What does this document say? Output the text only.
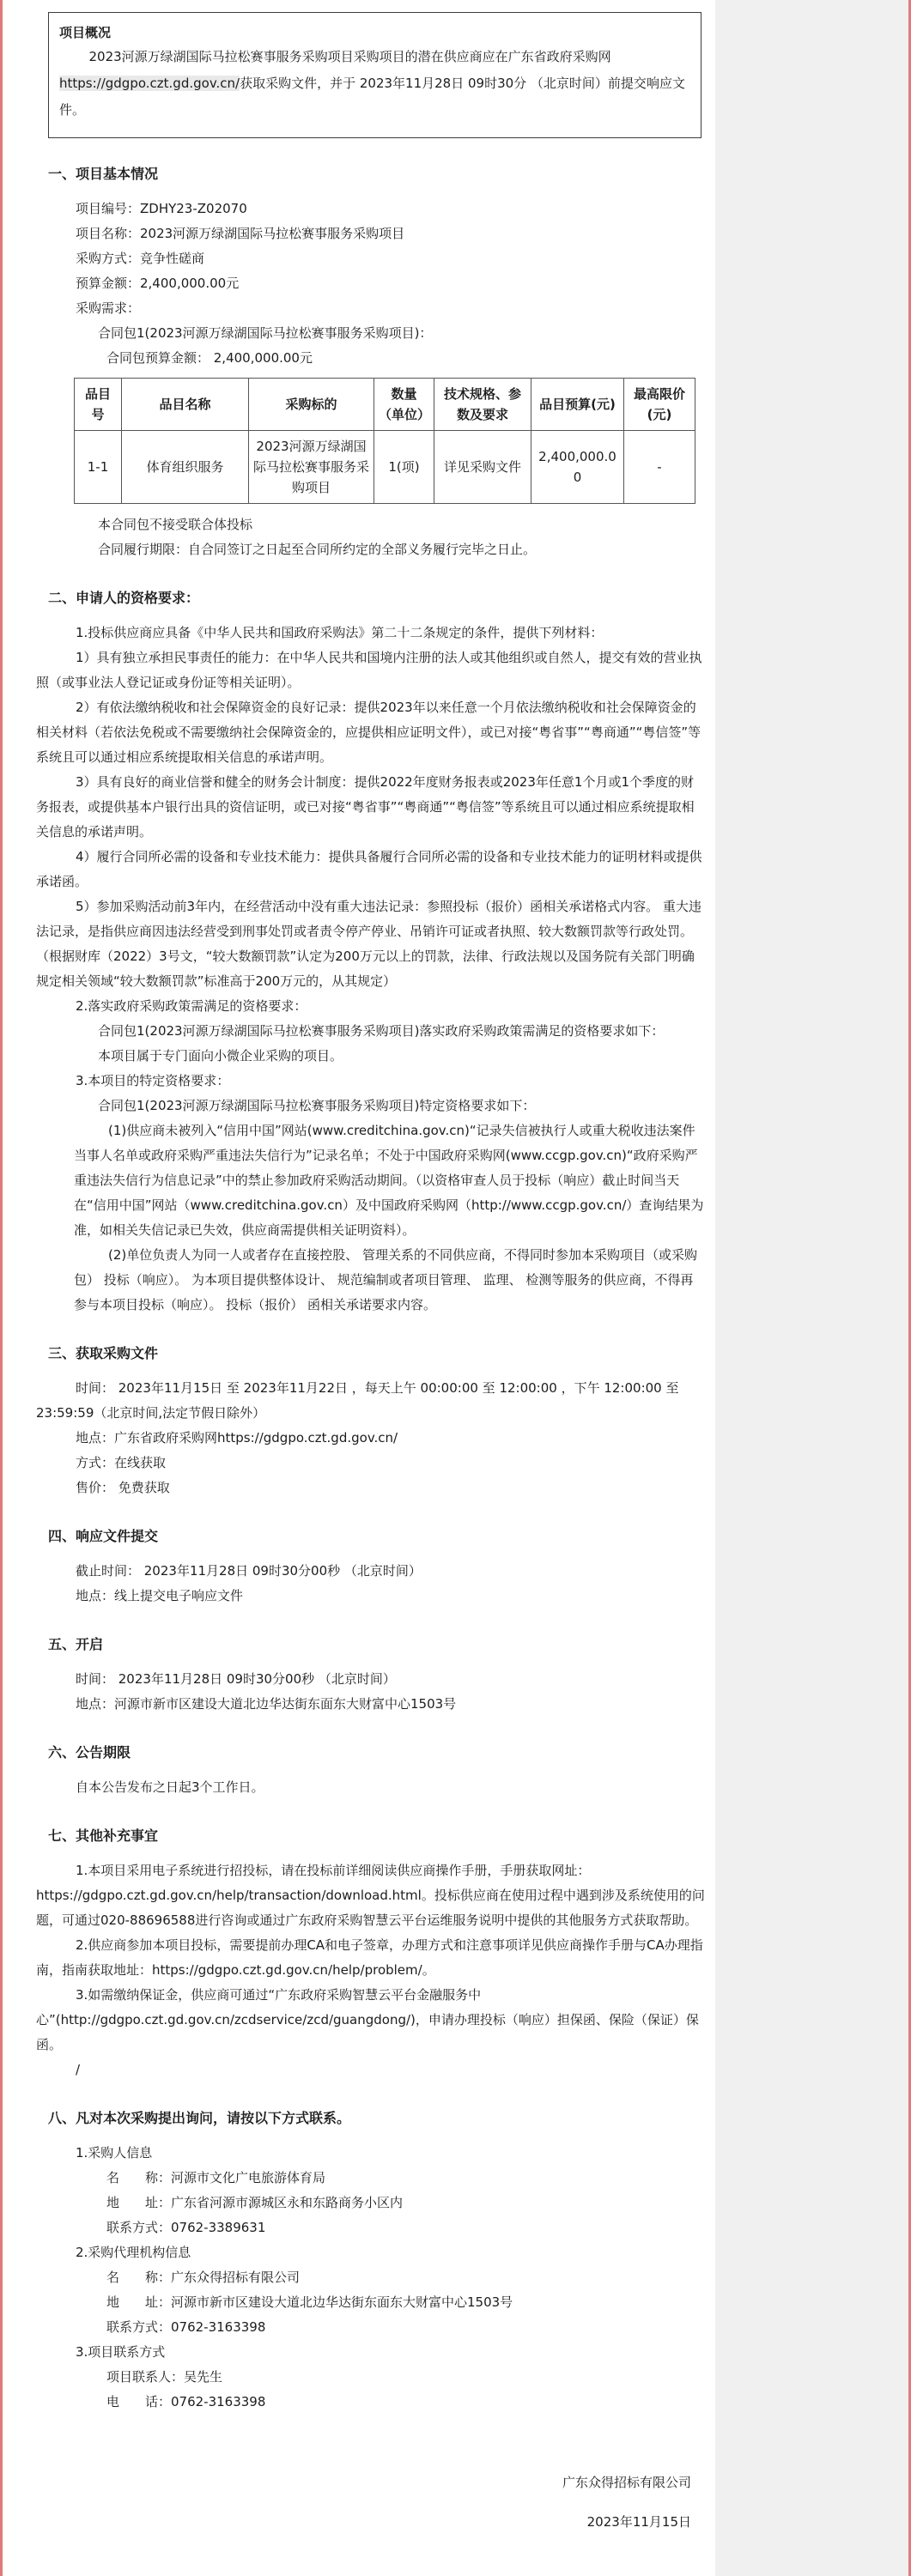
项目概况

2023河源万绿湖国际马拉松赛事服务采购项目采购项目的潜在供应商应在广东省政府采购网https://gdgpo.czt.gd.gov.cn/获取采购文件，并于 2023年11月28日 09时30分 （北京时间）前提交响应文件。

一、项目基本情况

项目编号：ZDHY23-Z02070

项目名称：2023河源万绿湖国际马拉松赛事服务采购项目

采购方式：竞争性磋商

预算金额：2,400,000.00元

采购需求：

合同包1(2023河源万绿湖国际马拉松赛事服务采购项目)：

合同包预算金额： 2,400,000.00元

品目号	品目名称	采购标的	数量（单位）	技术规格、参数及要求	品目预算(元)	最高限价(元)
1-1	体育组织服务	2023河源万绿湖国际马拉松赛事服务采购项目	1(项)	详见采购文件	2,400,000.00	-

本合同包不接受联合体投标

合同履行期限：自合同签订之日起至合同所约定的全部义务履行完毕之日止。

二、申请人的资格要求：

1.投标供应商应具备《中华人民共和国政府采购法》第二十二条规定的条件，提供下列材料：

1）具有独立承担民事责任的能力：在中华人民共和国境内注册的法人或其他组织或自然人，提交有效的营业执照（或事业法人登记证或身份证等相关证明）。

2）有依法缴纳税收和社会保障资金的良好记录：提供2023年以来任意一个月依法缴纳税收和社会保障资金的相关材料（若依法免税或不需要缴纳社会保障资金的，应提供相应证明文件），或已对接“粤省事”“粤商通”“粤信签”等系统且可以通过相应系统提取相关信息的承诺声明。

3）具有良好的商业信誉和健全的财务会计制度：提供2022年度财务报表或2023年任意1个月或1个季度的财务报表，或提供基本户银行出具的资信证明，或已对接“粤省事”“粤商通”“粤信签”等系统且可以通过相应系统提取相关信息的承诺声明。

4）履行合同所必需的设备和专业技术能力：提供具备履行合同所必需的设备和专业技术能力的证明材料或提供承诺函。

5）参加采购活动前3年内，在经营活动中没有重大违法记录：参照投标（报价）函相关承诺格式内容。 重大违法记录，是指供应商因违法经营受到刑事处罚或者责令停产停业、吊销许可证或者执照、较大数额罚款等行政处罚。（根据财库（2022）3号文，“较大数额罚款”认定为200万元以上的罚款，法律、行政法规以及国务院有关部门明确规定相关领域“较大数额罚款”标准高于200万元的，从其规定）

2.落实政府采购政策需满足的资格要求：

合同包1(2023河源万绿湖国际马拉松赛事服务采购项目)落实政府采购政策需满足的资格要求如下：

本项目属于专门面向小微企业采购的项目。

3.本项目的特定资格要求：

合同包1(2023河源万绿湖国际马拉松赛事服务采购项目)特定资格要求如下：

(1)供应商未被列入“信用中国”网站(www.creditchina.gov.cn)“记录失信被执行人或重大税收违法案件当事人名单或政府采购严重违法失信行为”记录名单；不处于中国政府采购网(www.ccgp.gov.cn)“政府采购严重违法失信行为信息记录”中的禁止参加政府采购活动期间。（以资格审查人员于投标（响应）截止时间当天在“信用中国”网站（www.creditchina.gov.cn）及中国政府采购网（http://www.ccgp.gov.cn/）查询结果为准，如相关失信记录已失效，供应商需提供相关证明资料）。

(2)单位负责人为同一人或者存在直接控股、 管理关系的不同供应商，不得同时参加本采购项目（或采购包） 投标（响应）。 为本项目提供整体设计、 规范编制或者项目管理、 监理、 检测等服务的供应商，不得再参与本项目投标（响应）。 投标（报价） 函相关承诺要求内容。

三、获取采购文件

时间： 2023年11月15日 至 2023年11月22日 ，每天上午 00:00:00 至 12:00:00 ，下午 12:00:00 至 23:59:59（北京时间,法定节假日除外）

地点：广东省政府采购网https://gdgpo.czt.gd.gov.cn/

方式：在线获取

售价： 免费获取

四、响应文件提交

截止时间： 2023年11月28日 09时30分00秒 （北京时间）

地点：线上提交电子响应文件

五、开启

时间： 2023年11月28日 09时30分00秒 （北京时间）

地点：河源市新市区建设大道北边华达街东面东大财富中心1503号

六、公告期限

自本公告发布之日起3个工作日。

七、其他补充事宜

1.本项目采用电子系统进行招投标，请在投标前详细阅读供应商操作手册，手册获取网址：https://gdgpo.czt.gd.gov.cn/help/transaction/download.html。投标供应商在使用过程中遇到涉及系统使用的问题，可通过020-88696588进行咨询或通过广东政府采购智慧云平台运维服务说明中提供的其他服务方式获取帮助。

2.供应商参加本项目投标，需要提前办理CA和电子签章，办理方式和注意事项详见供应商操作手册与CA办理指南，指南获取地址：https://gdgpo.czt.gd.gov.cn/help/problem/。

3.如需缴纳保证金，供应商可通过“广东政府采购智慧云平台金融服务中心”(http://gdgpo.czt.gd.gov.cn/zcdservice/zcd/guangdong/)，申请办理投标（响应）担保函、保险（保证）保函。

/

八、凡对本次采购提出询问，请按以下方式联系。

1.采购人信息

名　　称：河源市文化广电旅游体育局

地　　址：广东省河源市源城区永和东路商务小区内

联系方式：0762-3389631

2.采购代理机构信息

名　　称：广东众得招标有限公司

地　　址：河源市新市区建设大道北边华达街东面东大财富中心1503号

联系方式：0762-3163398

3.项目联系方式

项目联系人：吴先生

电　　话：0762-3163398

广东众得招标有限公司

2023年11月15日
